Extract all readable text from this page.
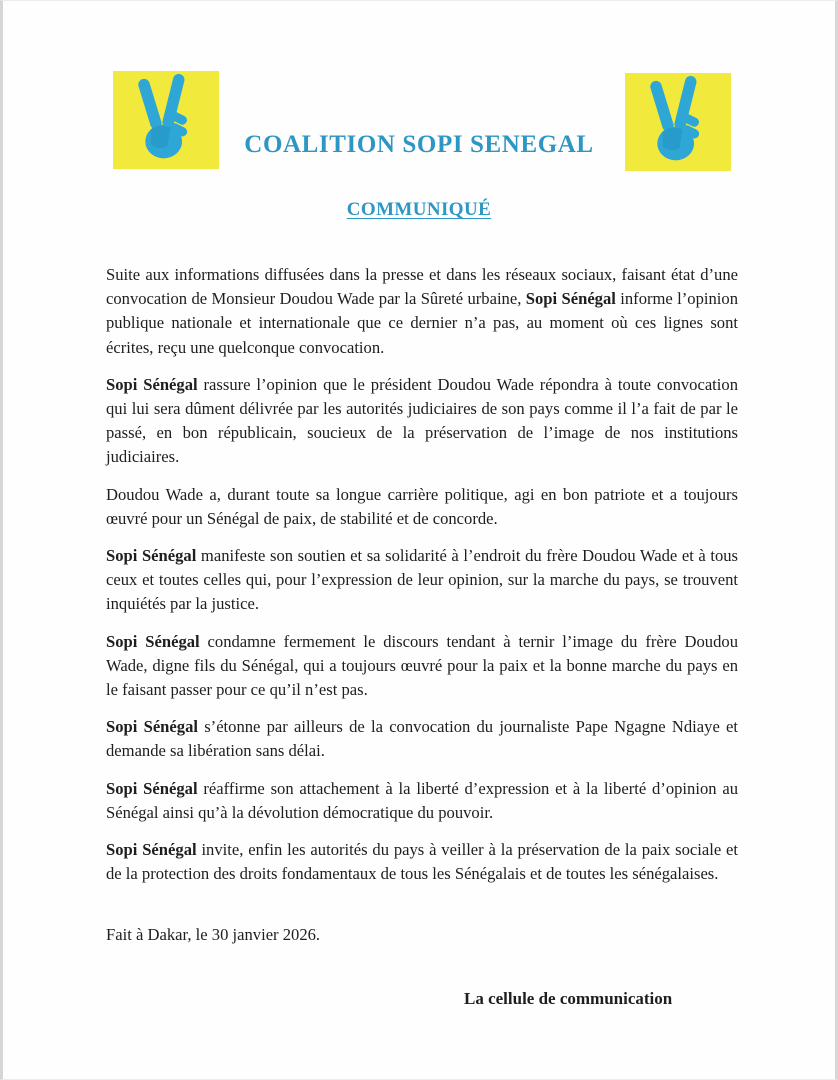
COALITION SOPI SENEGAL
COMMUNIQUÉ

Suite aux informations diffusées dans la presse et dans les réseaux sociaux, faisant état d’une convocation de Monsieur Doudou Wade par la Sûreté urbaine, Sopi Sénégal informe l’opinion publique nationale et internationale que ce dernier n’a pas, au moment où ces lignes sont écrites, reçu une quelconque convocation.

Sopi Sénégal rassure l’opinion que le président Doudou Wade répondra à toute convocation qui lui sera dûment délivrée par les autorités judiciaires de son pays comme il l’a fait de par le passé, en bon républicain, soucieux de la préservation de l’image de nos institutions judiciaires.

Doudou Wade a, durant toute sa longue carrière politique, agi en bon patriote et a toujours œuvré pour un Sénégal de paix, de stabilité et de concorde.

Sopi Sénégal manifeste son soutien et sa solidarité à l’endroit du frère Doudou Wade et à tous ceux et toutes celles qui, pour l’expression de leur opinion, sur la marche du pays, se trouvent inquiétés par la justice.

Sopi Sénégal condamne fermement le discours tendant à ternir l’image du frère Doudou Wade, digne fils du Sénégal, qui a toujours œuvré pour la paix et la bonne marche du pays en le faisant passer pour ce qu’il n’est pas.

Sopi Sénégal s’étonne par ailleurs de la convocation du journaliste Pape Ngagne Ndiaye et demande sa libération sans délai.

Sopi Sénégal réaffirme son attachement à la liberté d’expression et à la liberté d’opinion au Sénégal ainsi qu’à la dévolution démocratique du pouvoir.

Sopi Sénégal invite, enfin les autorités du pays à veiller à la préservation de la paix sociale et de la protection des droits fondamentaux de tous les Sénégalais et de toutes les sénégalaises.

Fait à Dakar, le 30 janvier 2026.
La cellule de communication
